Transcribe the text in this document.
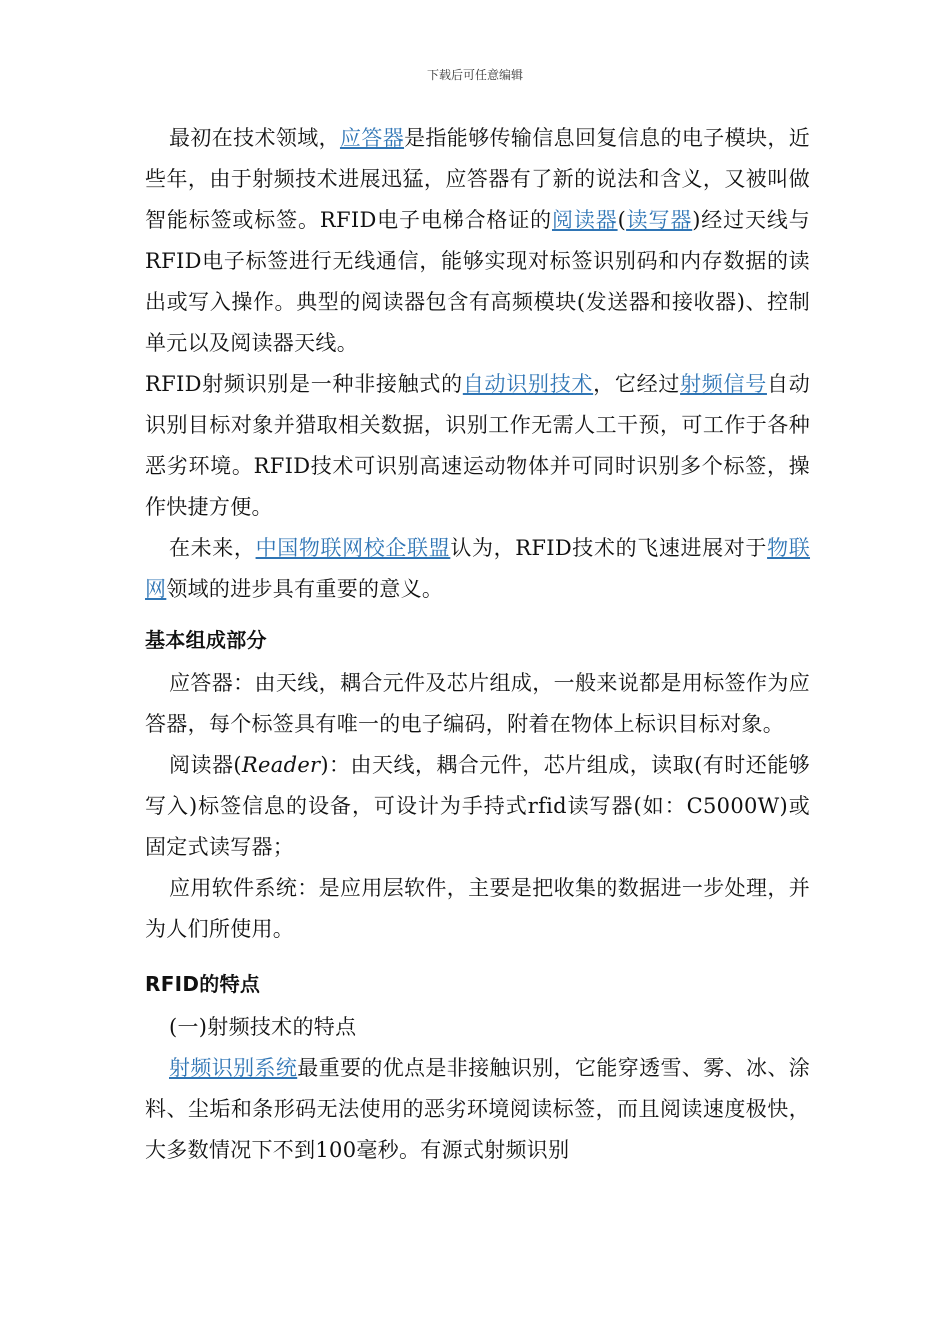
下载后可任意编辑

最初在技术领域，应答器是指能够传输信息回复信息的电子模块，近些年，由于射频技术进展迅猛，应答器有了新的说法和含义，又被叫做智能标签或标签。RFID电子电梯合格证的阅读器(读写器)经过天线与RFID电子标签进行无线通信，能够实现对标签识别码和内存数据的读出或写入操作。典型的阅读器包含有高频模块(发送器和接收器)、控制单元以及阅读器天线。

RFID射频识别是一种非接触式的自动识别技术，它经过射频信号自动识别目标对象并猎取相关数据，识别工作无需人工干预，可工作于各种恶劣环境。RFID技术可识别高速运动物体并可同时识别多个标签，操作快捷方便。

在未来，中国物联网校企联盟认为，RFID技术的飞速进展对于物联网领域的进步具有重要的意义。

基本组成部分

应答器：由天线，耦合元件及芯片组成，一般来说都是用标签作为应答器，每个标签具有唯一的电子编码，附着在物体上标识目标对象。

阅读器(Reader)：由天线，耦合元件，芯片组成，读取(有时还能够写入)标签信息的设备，可设计为手持式rfid读写器(如：C5000W)或固定式读写器；

应用软件系统：是应用层软件，主要是把收集的数据进一步处理，并为人们所使用。

RFID的特点

(一)射频技术的特点

射频识别系统最重要的优点是非接触识别，它能穿透雪、雾、冰、涂料、尘垢和条形码无法使用的恶劣环境阅读标签，而且阅读速度极快，大多数情况下不到100毫秒。有源式射频识别
